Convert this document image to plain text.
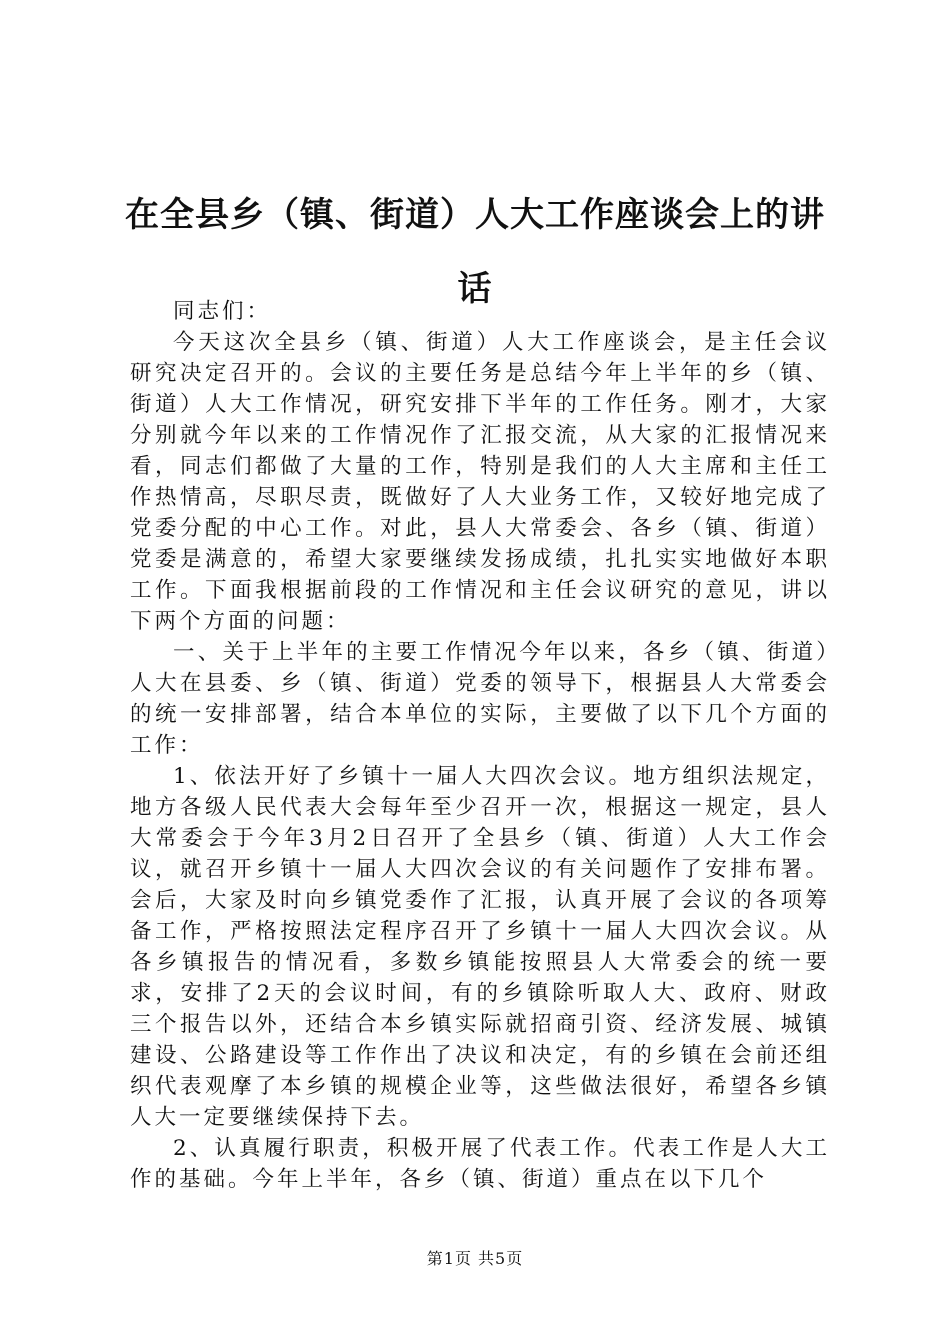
在全县乡（镇、街道）人大工作座谈会上的讲话

同志们：

今天这次全县乡（镇、街道）人大工作座谈会，是主任会议研究决定召开的。会议的主要任务是总结今年上半年的乡（镇、街道）人大工作情况，研究安排下半年的工作任务。刚才，大家分别就今年以来的工作情况作了汇报交流，从大家的汇报情况来看，同志们都做了大量的工作，特别是我们的人大主席和主任工作热情高，尽职尽责，既做好了人大业务工作，又较好地完成了党委分配的中心工作。对此，县人大常委会、各乡（镇、街道）党委是满意的，希望大家要继续发扬成绩，扎扎实实地做好本职工作。下面我根据前段的工作情况和主任会议研究的意见，讲以下两个方面的问题：

一、关于上半年的主要工作情况今年以来，各乡（镇、街道）人大在县委、乡（镇、街道）党委的领导下，根据县人大常委会的统一安排部署，结合本单位的实际，主要做了以下几个方面的工作：

1、依法开好了乡镇十一届人大四次会议。地方组织法规定，地方各级人民代表大会每年至少召开一次，根据这一规定，县人大常委会于今年3月2日召开了全县乡（镇、街道）人大工作会议，就召开乡镇十一届人大四次会议的有关问题作了安排布署。会后，大家及时向乡镇党委作了汇报，认真开展了会议的各项筹备工作，严格按照法定程序召开了乡镇十一届人大四次会议。从各乡镇报告的情况看，多数乡镇能按照县人大常委会的统一要求，安排了2天的会议时间，有的乡镇除听取人大、政府、财政三个报告以外，还结合本乡镇实际就招商引资、经济发展、城镇建设、公路建设等工作作出了决议和决定，有的乡镇在会前还组织代表观摩了本乡镇的规模企业等，这些做法很好，希望各乡镇人大一定要继续保持下去。

2、认真履行职责，积极开展了代表工作。代表工作是人大工作的基础。今年上半年，各乡（镇、街道）重点在以下几个

第1页 共5页
